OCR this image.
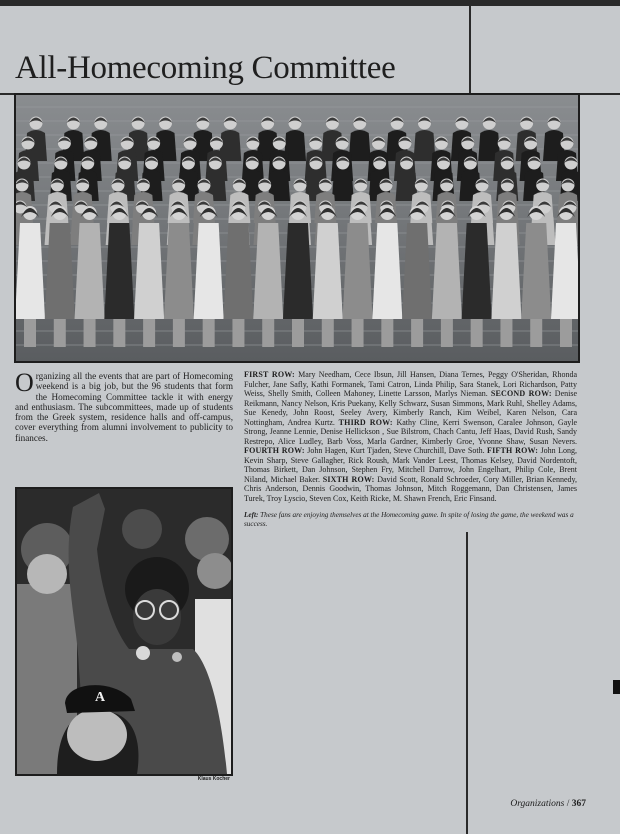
All-Homecoming Committee
Organizing all the events that are part of Homecoming weekend is a big job, but the 96 students that form the Homecoming Committee tackle it with energy and enthusiasm. The subcommittees, made up of students from the Greek system, residence halls and off-campus, cover everything from alumni involvement to publicity to finances.
FIRST ROW: Mary Needham, Cece Ibsun, Jill Hansen, Diana Ternes, Peggy O'Sheridan, Rhonda Fulcher, Jane Safly, Kathi Formanek, Tami Catron, Linda Philip, Sara Stanek, Lori Richardson, Patty Weiss, Shelly Smith, Colleen Mahoney, Linette Larsson, Marlys Nieman. SECOND ROW: Denise Reikmann, Nancy Nelson, Kris Puekany, Kelly Schwarz, Susan Simmons, Mark Ruhl, Shelley Adams, Sue Kenedy, John Roost, Seeley Avery, Kimberly Ranch, Kim Weibel, Karen Nelson, Cara Nottingham, Andrea Kurtz. THIRD ROW: Kathy Cline, Kerri Swenson, Caralee Johnson, Gayle Strong, Jeanne Lennie, Denise Hellickson , Sue Bilstrom, Chach Cantu, Jeff Haas, David Rush, Sandy Restrepo, Alice Ludley, Barb Voss, Marla Gardner, Kimberly Groe, Yvonne Shaw, Susan Nevers. FOURTH ROW: John Hagen, Kurt Tjaden, Steve Churchill, Dave Soth. FIFTH ROW: John Long, Kevin Sharp, Steve Gallagher, Rick Roush, Mark Vander Leest, Thomas Kelsey, David Nordentoft, Thomas Birkett, Dan Johnson, Stephen Fry, Mitchell Darrow, John Engelhart, Philip Cole, Brent Niland, Michael Baker. SIXTH ROW: David Scott, Ronald Schroeder, Cory Miller, Brian Kennedy, Chris Anderson, Dennis Goodwin, Thomas Johnson, Mitch Roggemann, Dan Christensen, James Turek, Troy Lyscio, Steven Cox, Keith Ricke, M. Shawn French, Eric Finsand.
Left: These fans are enjoying themselves at the Homecoming game. In spite of losing the game, the weekend was a success.
A
Klaus Kocher
Organizations / 367
